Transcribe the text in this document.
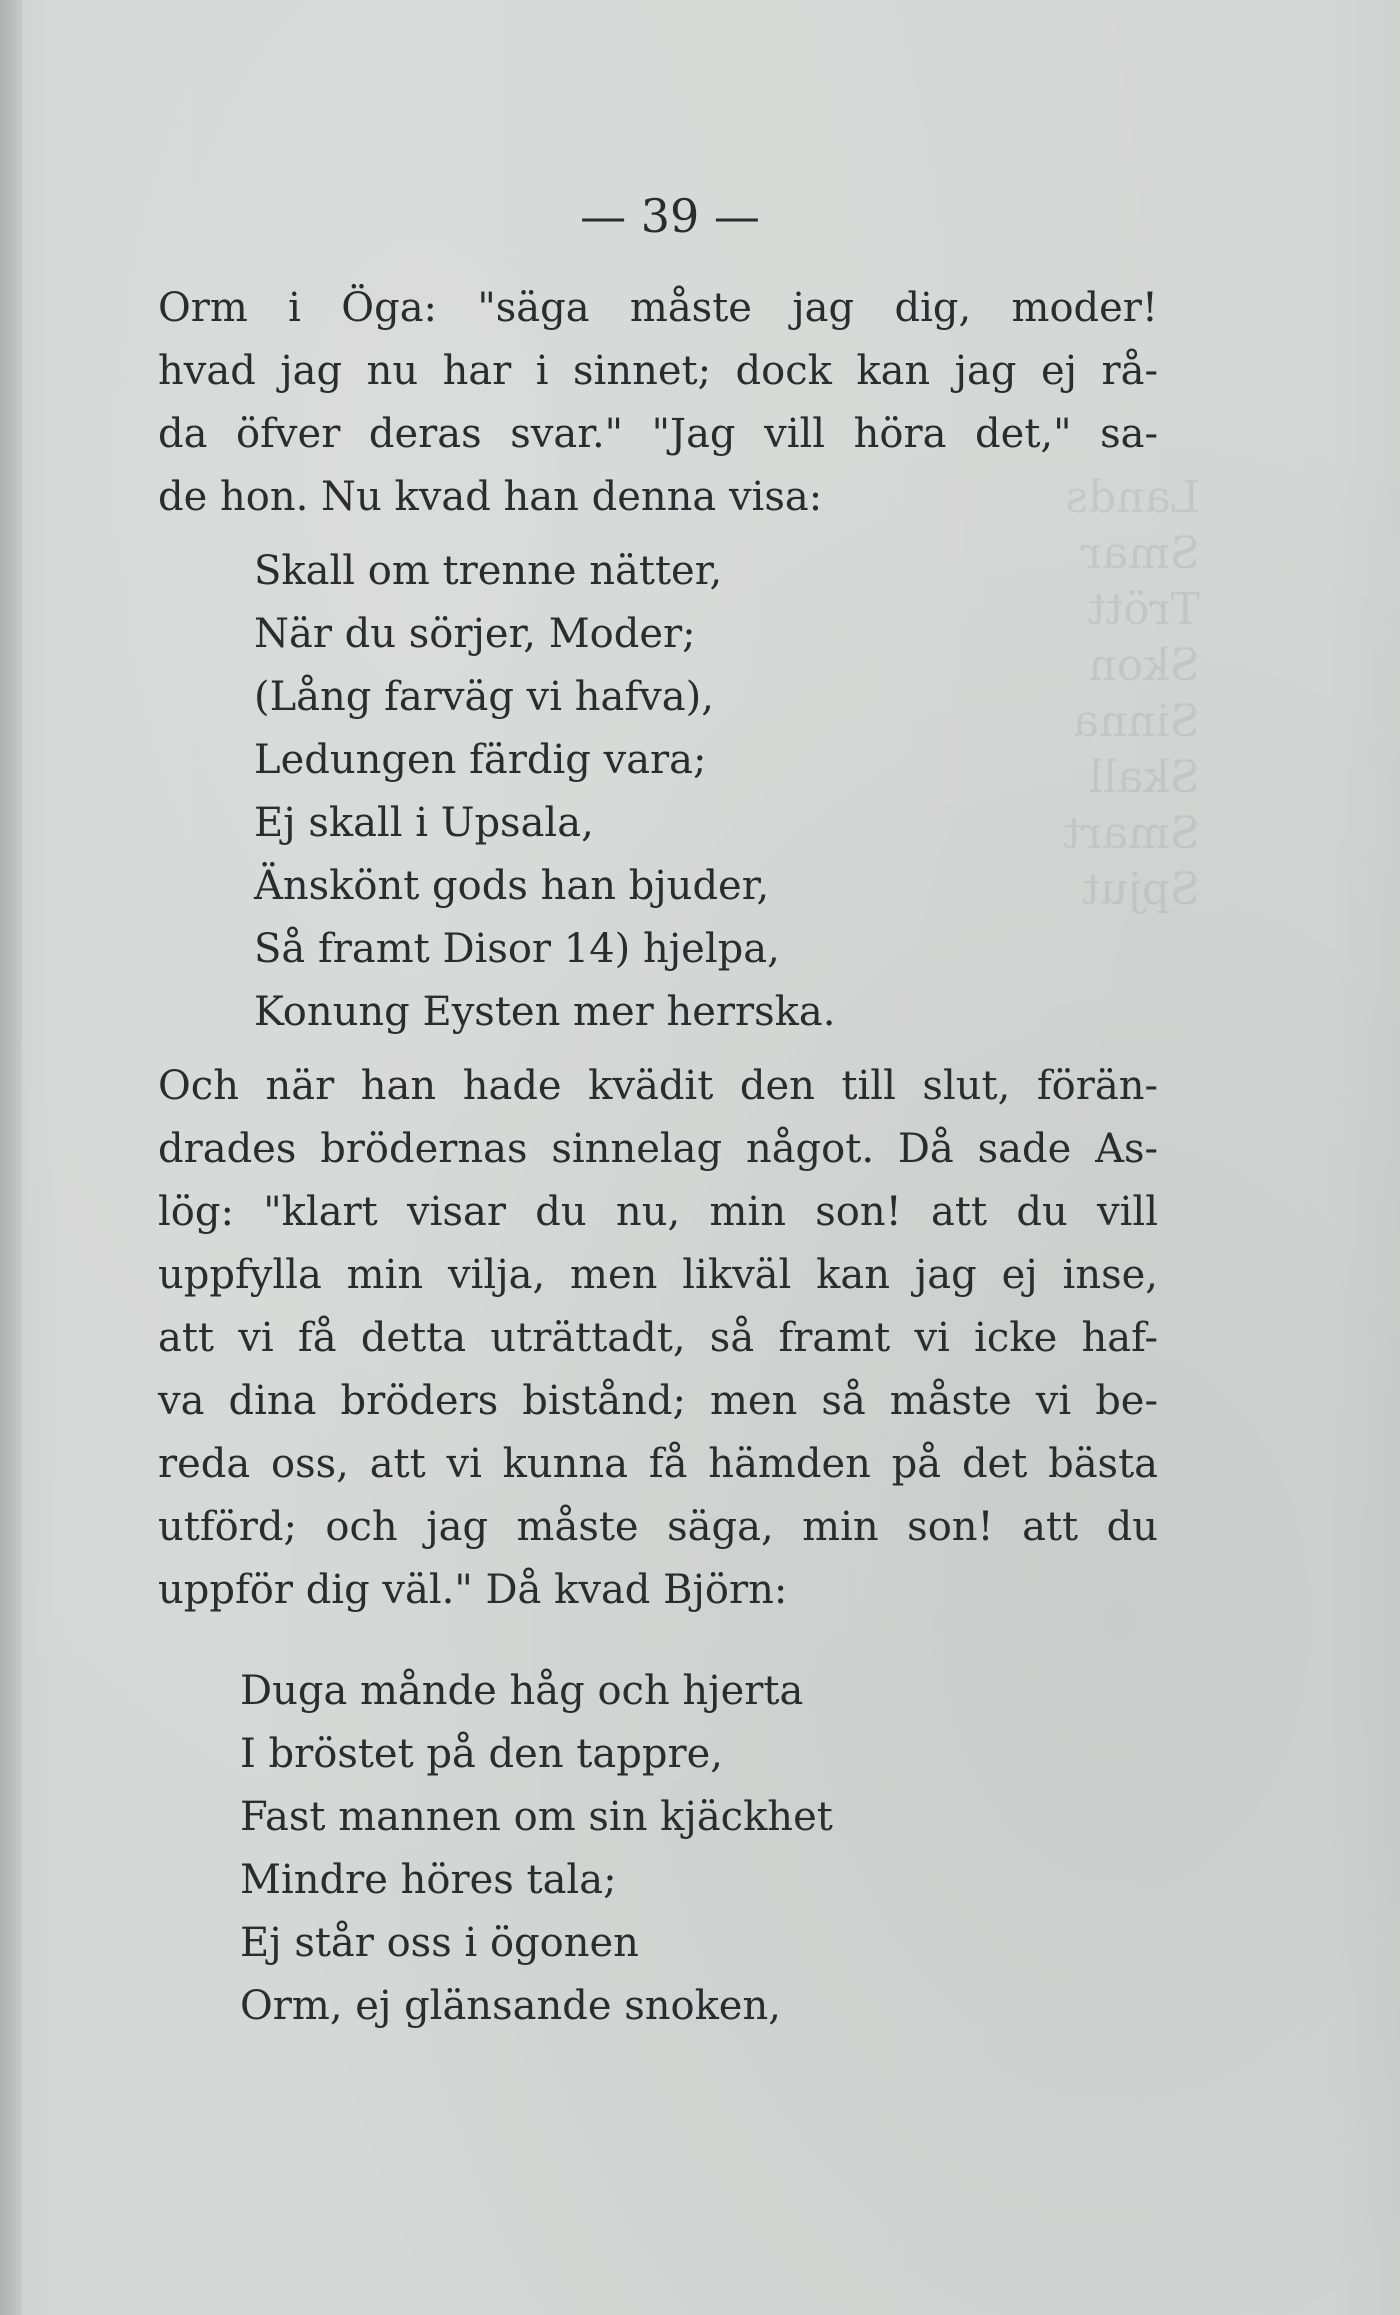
Lands
Smar
Trött
Skon
Sinna
Skall
Smart
Spjut
— 39 —
Orm i Öga: "säga måste jag dig, moder!
hvad jag nu har i sinnet; dock kan jag ej rå-
da öfver deras svar." "Jag vill höra det," sa-
de hon. Nu kvad han denna visa:
Skall om trenne nätter,
När du sörjer, Moder;
(Lång farväg vi hafva),
Ledungen färdig vara;
Ej skall i Upsala,
Änskönt gods han bjuder,
Så framt Disor 14) hjelpa,
Konung Eysten mer herrska.
Och när han hade kvädit den till slut, förän-
drades brödernas sinnelag något. Då sade As-
lög: "klart visar du nu, min son! att du vill
uppfylla min vilja, men likväl kan jag ej inse,
att vi få detta uträttadt, så framt vi icke haf-
va dina bröders bistånd; men så måste vi be-
reda oss, att vi kunna få hämden på det bästa
utförd; och jag måste säga, min son! att du
uppför dig väl." Då kvad Björn:
Duga månde håg och hjerta
I bröstet på den tappre,
Fast mannen om sin kjäckhet
Mindre höres tala;
Ej står oss i ögonen
Orm, ej glänsande snoken,
